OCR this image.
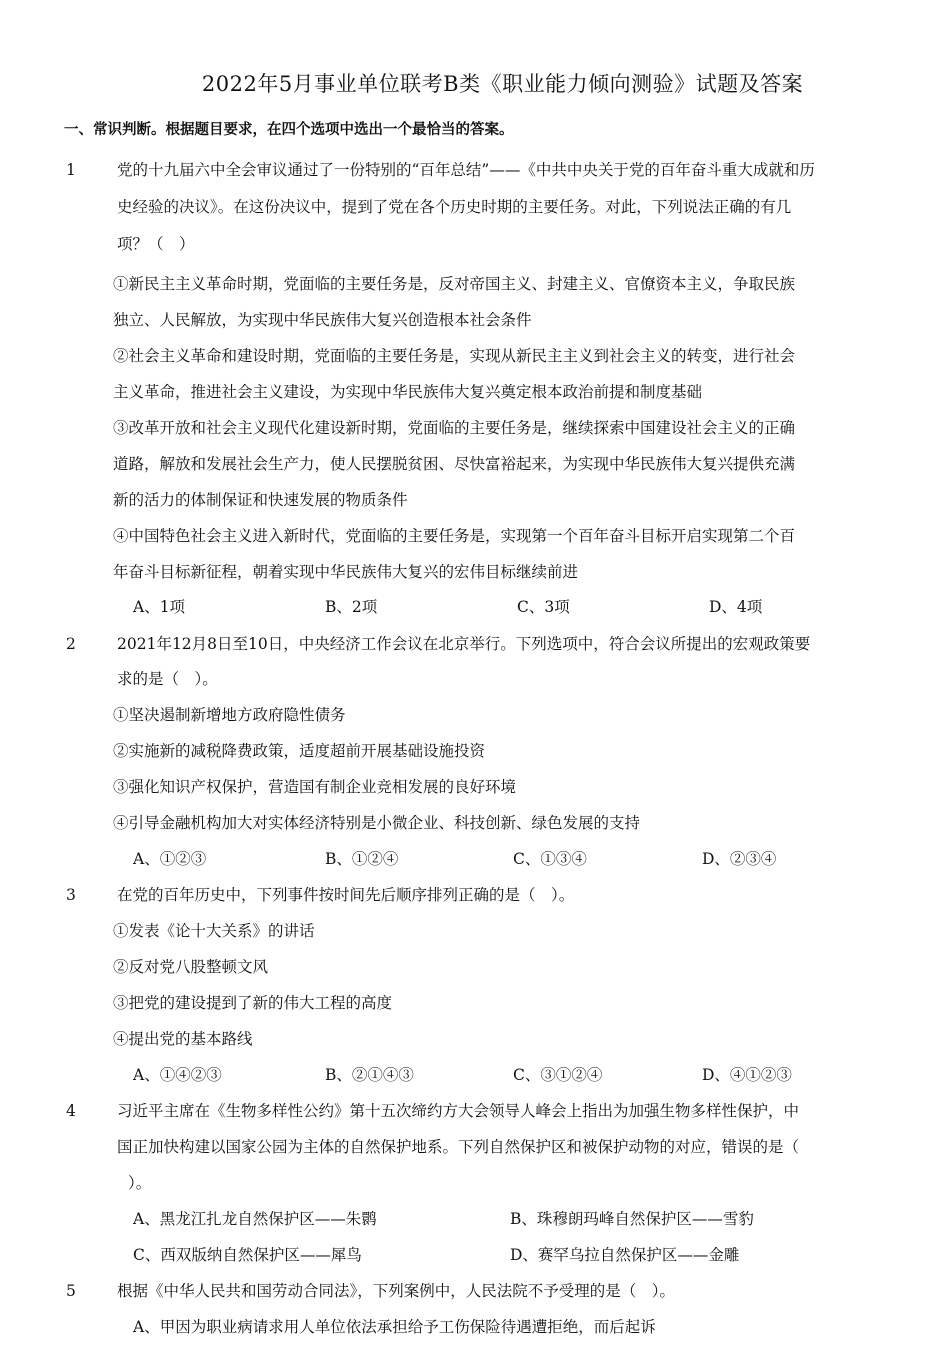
2022年5月事业单位联考B类《职业能力倾向测验》试题及答案
一、常识判断。根据题目要求，在四个选项中选出一个最恰当的答案。
1	党的十九届六中全会审议通过了一份特别的“百年总结”——《中共中央关于党的百年奋斗重大成就和历
史经验的决议》。在这份决议中，提到了党在各个历史时期的主要任务。对此，下列说法正确的有几
项？（　）
①新民主主义革命时期，党面临的主要任务是，反对帝国主义、封建主义、官僚资本主义，争取民族
独立、人民解放，为实现中华民族伟大复兴创造根本社会条件
②社会主义革命和建设时期，党面临的主要任务是，实现从新民主主义到社会主义的转变，进行社会
主义革命，推进社会主义建设，为实现中华民族伟大复兴奠定根本政治前提和制度基础
③改革开放和社会主义现代化建设新时期，党面临的主要任务是，继续探索中国建设社会主义的正确
道路，解放和发展社会生产力，使人民摆脱贫困、尽快富裕起来，为实现中华民族伟大复兴提供充满
新的活力的体制保证和快速发展的物质条件
④中国特色社会主义进入新时代，党面临的主要任务是，实现第一个百年奋斗目标开启实现第二个百
年奋斗目标新征程，朝着实现中华民族伟大复兴的宏伟目标继续前进
A、1项	B、2项	C、3项	D、4项
2	2021年12月8日至10日，中央经济工作会议在北京举行。下列选项中，符合会议所提出的宏观政策要
求的是（　）。
①坚决遏制新增地方政府隐性债务
②实施新的减税降费政策，适度超前开展基础设施投资
③强化知识产权保护，营造国有制企业竞相发展的良好环境
④引导金融机构加大对实体经济特别是小微企业、科技创新、绿色发展的支持
A、①②③	B、①②④	C、①③④	D、②③④
3	在党的百年历史中，下列事件按时间先后顺序排列正确的是（　）。
①发表《论十大关系》的讲话
②反对党八股整顿文风
③把党的建设提到了新的伟大工程的高度
④提出党的基本路线
A、①④②③	B、②①④③	C、③①②④	D、④①②③
4	习近平主席在《生物多样性公约》第十五次缔约方大会领导人峰会上指出为加强生物多样性保护，中
国正加快构建以国家公园为主体的自然保护地系。下列自然保护区和被保护动物的对应，错误的是（
）。
A、黑龙江扎龙自然保护区——朱鹮	B、珠穆朗玛峰自然保护区——雪豹
C、西双版纳自然保护区——犀鸟	D、赛罕乌拉自然保护区——金雕
5	根据《中华人民共和国劳动合同法》，下列案例中，人民法院不予受理的是（　）。
A、甲因为职业病请求用人单位依法承担给予工伤保险待遇遭拒绝，而后起诉
